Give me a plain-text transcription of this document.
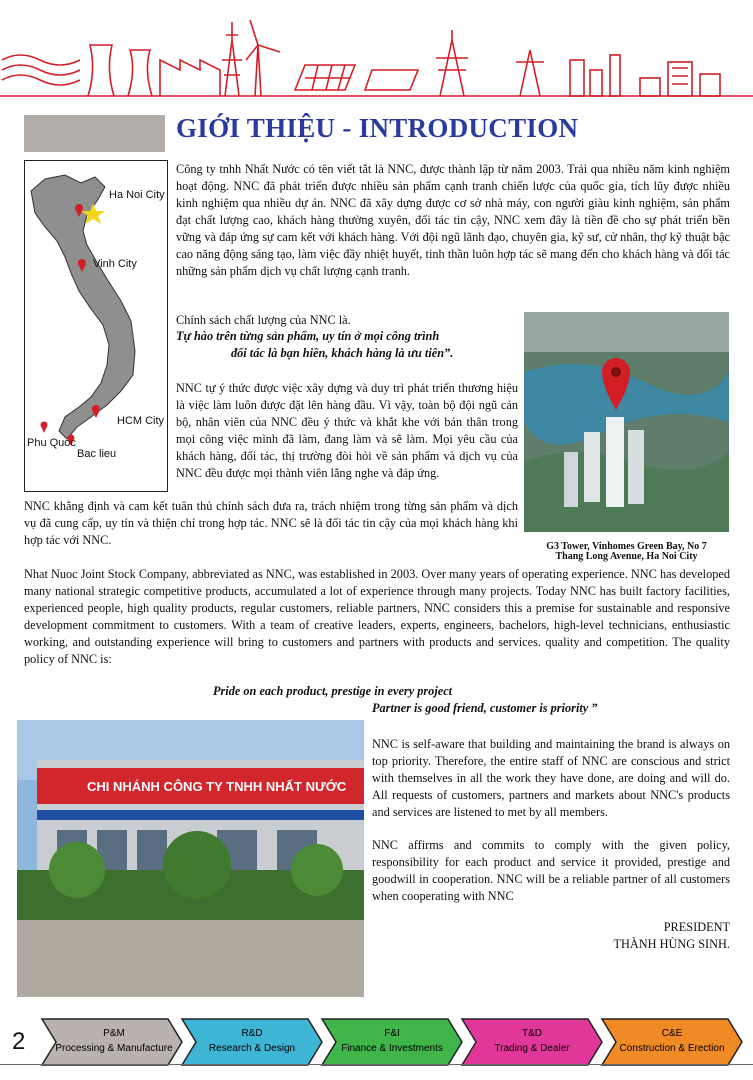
GIỚI THIỆU - INTRODUCTION
Ha Noi City
Vinh City
HCM City
Phu Quoc
Bac lieu

Công ty tnhh Nhất Nước có tên viết tắt là NNC, được thành lập từ năm 2003. Trải qua nhiều năm kinh nghiệm hoạt động. NNC đã phát triển được nhiều sản phẩm cạnh tranh chiến lược của quốc gia, tích lũy được nhiều kinh nghiệm qua nhiều dự án. NNC đã xây dựng được cơ sở nhà máy, con người giàu kinh nghiệm, sản phẩm đạt chất lượng cao, khách hàng thường xuyên, đối tác tin cậy, NNC xem đây là tiền đề cho sự phát triển bền vững và đáp ứng sự cam kết với khách hàng. Với đội ngũ lãnh đạo, chuyên gia, kỹ sư, cử nhân, thợ kỹ thuật bậc cao năng động sáng tạo, làm việc đầy nhiệt huyết, tinh thần luôn hợp tác sẽ mang đến cho khách hàng và đối tác những sản phẩm dịch vụ chất lượng cạnh tranh.

Chính sách chất lượng của NNC là.

Tự hào trên từng sản phẩm, uy tín ở mọi công trình
đối tác là bạn hiền, khách hàng là ưu tiên”.

NNC tự ý thức được việc xây dựng và duy trì phát triển thương hiệu là việc làm luôn được đặt lên hàng đầu. Vì vậy, toàn bộ đội ngũ cán bộ, nhân viên của NNC đều ý thức và khắt khe với bản thân trong mọi công việc mình đã làm, đang làm và sẽ làm. Mọi yêu cầu của khách hàng, đối tác, thị trường đòi hỏi về sản phẩm và dịch vụ của NNC đều được mọi thành viên lắng nghe và đáp ứng.

NNC khẳng định và cam kết tuân thủ chính sách đưa ra, trách nhiệm trong từng sản phẩm và dịch vụ đã cung cấp, uy tín và thiện chí trong hợp tác. NNC sẽ là đối tác tin cậy của mọi khách hàng khi hợp tác với NNC.	G3 Tower, Vinhomes Green Bay, No 7
Thang Long Avenue, Ha Noi City

Nhat Nuoc Joint Stock Company, abbreviated as NNC, was established in 2003. Over many years of operating experience. NNC has developed many national strategic competitive products, accumulated a lot of experience through many projects. Today NNC has built factory facilities, experienced people, high quality products, regular customers, reliable partners, NNC considers this a premise for sustainable and responsive development commitment to customers. With a team of creative leaders, experts, engineers, bachelors, high-level technicians, enthusiastic working, and outstanding experience will bring to customers and partners with products and services. quality and competition. The quality policy of NNC is:

Pride on each product, prestige in every project
Partner is good friend, customer is priority ”
CHI NHÁNH CÔNG TY TNHH NHẤT NƯỚC

NNC is self-aware that building and maintaining the brand is always on top priority. Therefore, the entire staff of NNC are conscious and strict with themselves in all the work they have done, are doing and will do. All requests of customers, partners and markets about NNC's products and services are listened to met by all members.

NNC affirms and commits to comply with the given policy, responsibility for each product and service it provided, prestige and goodwill in cooperation. NNC will be a reliable partner of all customers when cooperating with NNC

PRESIDENT
THÀNH HÙNG SINH.
2	P&M
Processing & Manufacture
R&D
Research & Design
F&I
Finance & Investments
T&D
Trading & Dealer
C&E
Construction & Erection
